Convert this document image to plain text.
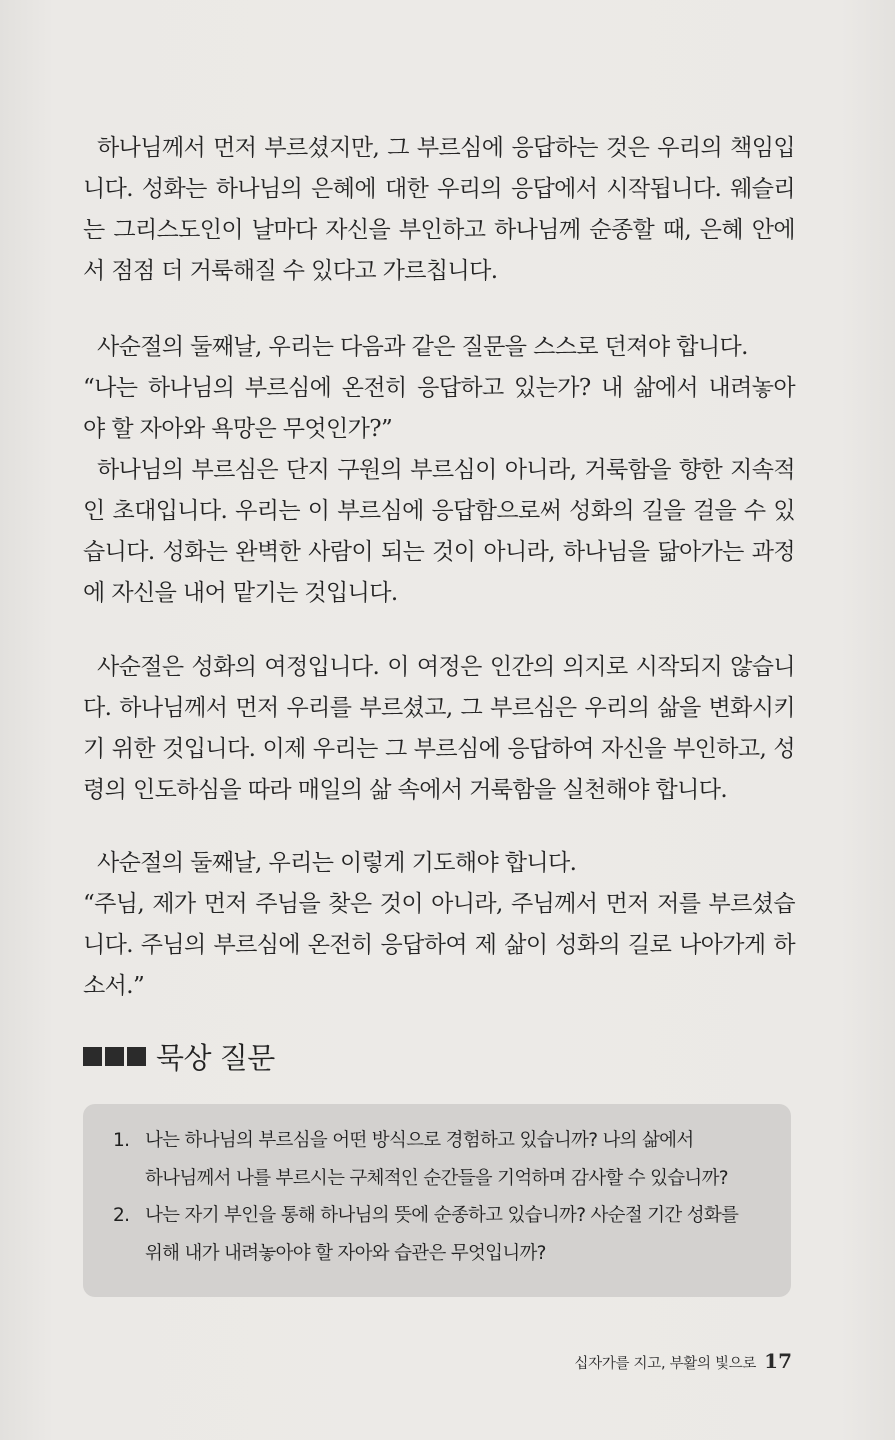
하나님께서 먼저 부르셨지만, 그 부르심에 응답하는 것은 우리의 책임입
니다. 성화는 하나님의 은혜에 대한 우리의 응답에서 시작됩니다. 웨슬리
는 그리스도인이 날마다 자신을 부인하고 하나님께 순종할 때, 은혜 안에
서 점점 더 거룩해질 수 있다고 가르칩니다.
사순절의 둘째날, 우리는 다음과 같은 질문을 스스로 던져야 합니다.
“나는 하나님의 부르심에 온전히 응답하고 있는가? 내 삶에서 내려놓아
야 할 자아와 욕망은 무엇인가?”
하나님의 부르심은 단지 구원의 부르심이 아니라, 거룩함을 향한 지속적
인 초대입니다. 우리는 이 부르심에 응답함으로써 성화의 길을 걸을 수 있
습니다. 성화는 완벽한 사람이 되는 것이 아니라, 하나님을 닮아가는 과정
에 자신을 내어 맡기는 것입니다.
사순절은 성화의 여정입니다. 이 여정은 인간의 의지로 시작되지 않습니
다. 하나님께서 먼저 우리를 부르셨고, 그 부르심은 우리의 삶을 변화시키
기 위한 것입니다. 이제 우리는 그 부르심에 응답하여 자신을 부인하고, 성
령의 인도하심을 따라 매일의 삶 속에서 거룩함을 실천해야 합니다.
사순절의 둘째날, 우리는 이렇게 기도해야 합니다.
“주님, 제가 먼저 주님을 찾은 것이 아니라, 주님께서 먼저 저를 부르셨습
니다. 주님의 부르심에 온전히 응답하여 제 삶이 성화의 길로 나아가게 하
소서.”
묵상 질문
1. 나는 하나님의 부르심을 어떤 방식으로 경험하고 있습니까? 나의 삶에서 하나님께서 나를 부르시는 구체적인 순간들을 기억하며 감사할 수 있습니까?
2. 나는 자기 부인을 통해 하나님의 뜻에 순종하고 있습니까? 사순절 기간 성화를 위해 내가 내려놓아야 할 자아와 습관은 무엇입니까?
십자가를 지고, 부활의 빛으로 17
